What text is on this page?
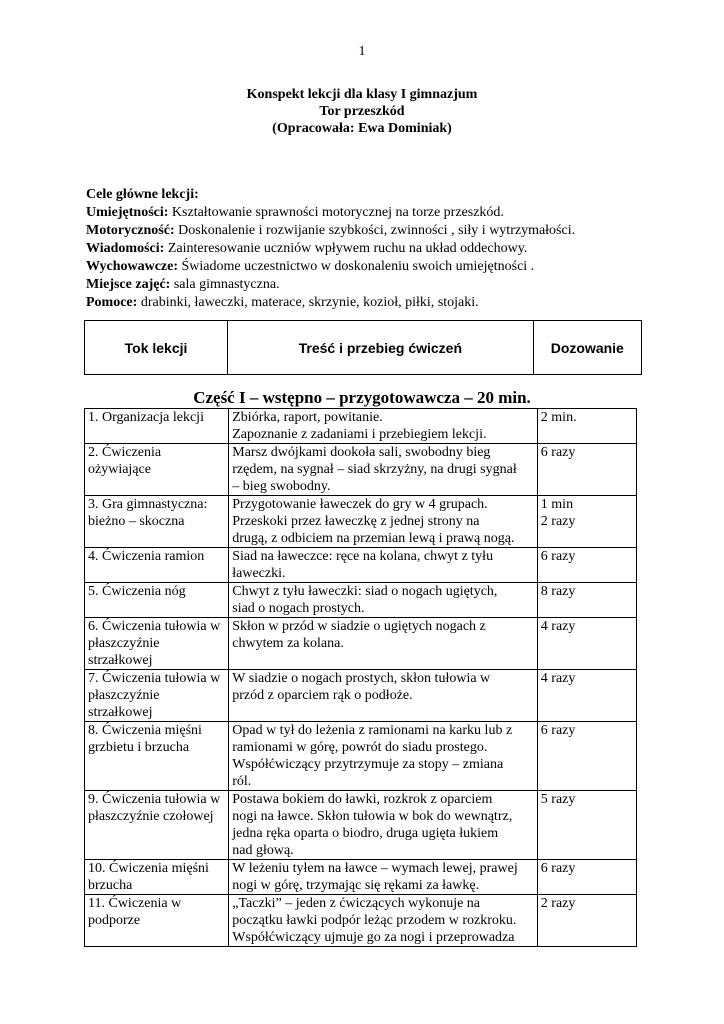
1
Konspekt lekcji dla klasy I gimnazjum
Tor przeszkód
(Opracowała: Ewa Dominiak)
Cele główne lekcji:
Umiejętności: Kształtowanie sprawności motorycznej na torze przeszkód.
Motoryczność: Doskonalenie i rozwijanie szybkości, zwinności , siły i wytrzymałości.
Wiadomości: Zainteresowanie uczniów wpływem ruchu na układ oddechowy.
Wychowawcze: Świadome uczestnictwo w doskonaleniu swoich umiejętności .
Miejsce zajęć: sala gimnastyczna.
Pomoce: drabinki, ławeczki, materace, skrzynie, kozioł, piłki, stojaki.
Tok lekcji	Treść i przebieg ćwiczeń	Dozowanie
Część I – wstępno – przygotowawcza – 20 min.
1. Organizacja lekcji	Zbiórka, raport, powitanie.
Zapoznanie z zadaniami i przebiegiem lekcji.	2 min.
2. Ćwiczenia
ożywiające	Marsz dwójkami dookoła sali, swobodny bieg
rzędem, na sygnał – siad skrzyżny, na drugi sygnał
– bieg swobodny.	6 razy
3. Gra gimnastyczna:
bieżno – skoczna	Przygotowanie ławeczek do gry w 4 grupach.
Przeskoki przez ławeczkę z jednej strony na
drugą, z odbiciem na przemian lewą i prawą nogą.	1 min
2 razy
4. Ćwiczenia ramion	Siad na ławeczce: ręce na kolana, chwyt z tyłu
ławeczki.	6 razy
5. Ćwiczenia nóg	Chwyt z tyłu ławeczki: siad o nogach ugiętych,
siad o nogach prostych.	8 razy
6. Ćwiczenia tułowia w
płaszczyźnie
strzałkowej	Skłon w przód w siadzie o ugiętych nogach z
chwytem za kolana.	4 razy
7. Ćwiczenia tułowia w
płaszczyźnie
strzałkowej	W siadzie o nogach prostych, skłon tułowia w
przód z oparciem rąk o podłoże.	4 razy
8. Ćwiczenia mięśni
grzbietu i brzucha	Opad w tył do leżenia z ramionami na karku lub z
ramionami w górę, powrót do siadu prostego.
Współćwiczący przytrzymuje za stopy – zmiana
ról.	6 razy
9. Ćwiczenia tułowia w
płaszczyźnie czołowej	Postawa bokiem do ławki, rozkrok z oparciem
nogi na ławce. Skłon tułowia w bok do wewnątrz,
jedna ręka oparta o biodro, druga ugięta łukiem
nad głową.	5 razy
10. Ćwiczenia mięśni
brzucha	W leżeniu tyłem na ławce – wymach lewej, prawej
nogi w górę, trzymając się rękami za ławkę.	6 razy
11. Ćwiczenia w
podporze	„Taczki” – jeden z ćwiczących wykonuje na
początku ławki podpór leżąc przodem w rozkroku.
Współćwiczący ujmuje go za nogi i przeprowadza	2 razy
